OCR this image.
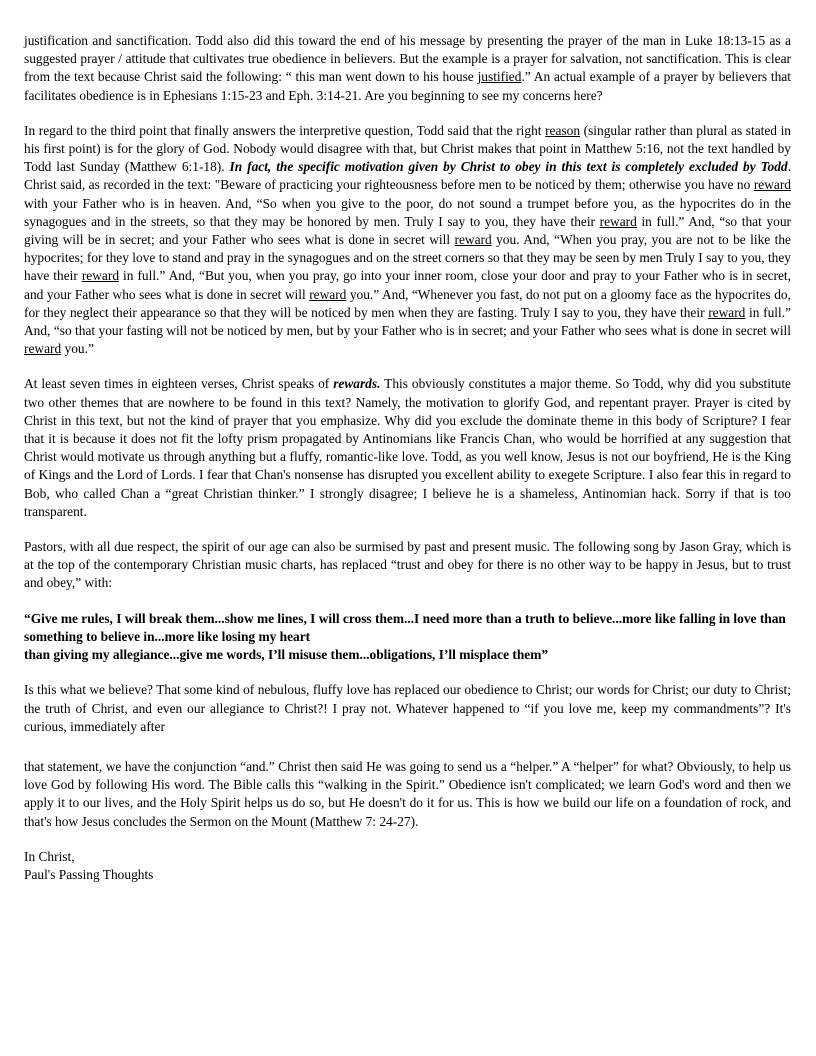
justification and sanctification. Todd also did this toward the end of his message by presenting the prayer of the man in Luke 18:13-15 as a suggested prayer / attitude that cultivates true obedience in believers. But the example is a prayer for salvation, not sanctification. This is clear from the text because Christ said the following: “ this man went down to his house justified.” An actual example of a prayer by believers that facilitates obedience is in Ephesians 1:15-23 and Eph. 3:14-21. Are you beginning to see my concerns here?

In regard to the third point that finally answers the interpretive question, Todd said that the right reason (singular rather than plural as stated in his first point) is for the glory of God. Nobody would disagree with that, but Christ makes that point in Matthew 5:16, not the text handled by Todd last Sunday (Matthew 6:1-18). In fact, the specific motivation given by Christ to obey in this text is completely excluded by Todd. Christ said, as recorded in the text: "Beware of practicing your righteousness before men to be noticed by them; otherwise you have no reward with your Father who is in heaven. And, “So when you give to the poor, do not sound a trumpet before you, as the hypocrites do in the synagogues and in the streets, so that they may be honored by men. Truly I say to you, they have their reward in full.” And, “so that your giving will be in secret; and your Father who sees what is done in secret will reward you. And, “When you pray, you are not to be like the hypocrites; for they love to stand and pray in the synagogues and on the street corners so that they may be seen by men Truly I say to you, they have their reward in full.” And, “But you, when you pray, go into your inner room, close your door and pray to your Father who is in secret, and your Father who sees what is done in secret will reward you.” And, “Whenever you fast, do not put on a gloomy face as the hypocrites do, for they neglect their appearance so that they will be noticed by men when they are fasting. Truly I say to you, they have their reward in full.” And, “so that your fasting will not be noticed by men, but by your Father who is in secret; and your Father who sees what is done in secret will reward you.”

At least seven times in eighteen verses, Christ speaks of rewards. This obviously constitutes a major theme. So Todd, why did you substitute two other themes that are nowhere to be found in this text? Namely, the motivation to glorify God, and repentant prayer. Prayer is cited by Christ in this text, but not the kind of prayer that you emphasize. Why did you exclude the dominate theme in this body of Scripture? I fear that it is because it does not fit the lofty prism propagated by Antinomians like Francis Chan, who would be horrified at any suggestion that Christ would motivate us through anything but a fluffy, romantic-like love. Todd, as you well know, Jesus is not our boyfriend, He is the King of Kings and the Lord of Lords. I fear that Chan's nonsense has disrupted you excellent ability to exegete Scripture. I also fear this in regard to Bob, who called Chan a “great Christian thinker.” I strongly disagree; I believe he is a shameless, Antinomian hack. Sorry if that is too transparent.

Pastors, with all due respect, the spirit of our age can also be surmised by past and present music. The following song by Jason Gray, which is at the top of the contemporary Christian music charts, has replaced “trust and obey for there is no other way to be happy in Jesus, but to trust and obey,” with:

“Give me rules, I will break them...show me lines, I will cross them...I need more than a truth to believe...more like falling in love than something to believe in...more like losing my heart

than giving my allegiance...give me words, I’ll misuse them...obligations, I’ll misplace them”

Is this what we believe? That some kind of nebulous, fluffy love has replaced our obedience to Christ; our words for Christ; our duty to Christ; the truth of Christ, and even our allegiance to Christ?! I pray not. Whatever happened to “if you love me, keep my commandments”? It's curious, immediately after

that statement, we have the conjunction “and.” Christ then said He was going to send us a “helper.” A “helper” for what? Obviously, to help us love God by following His word. The Bible calls this “walking in the Spirit.” Obedience isn't complicated; we learn God's word and then we apply it to our lives, and the Holy Spirit helps us do so, but He doesn't do it for us. This is how we build our life on a foundation of rock, and that's how Jesus concludes the Sermon on the Mount (Matthew 7: 24-27).

In Christ,

Paul's Passing Thoughts
